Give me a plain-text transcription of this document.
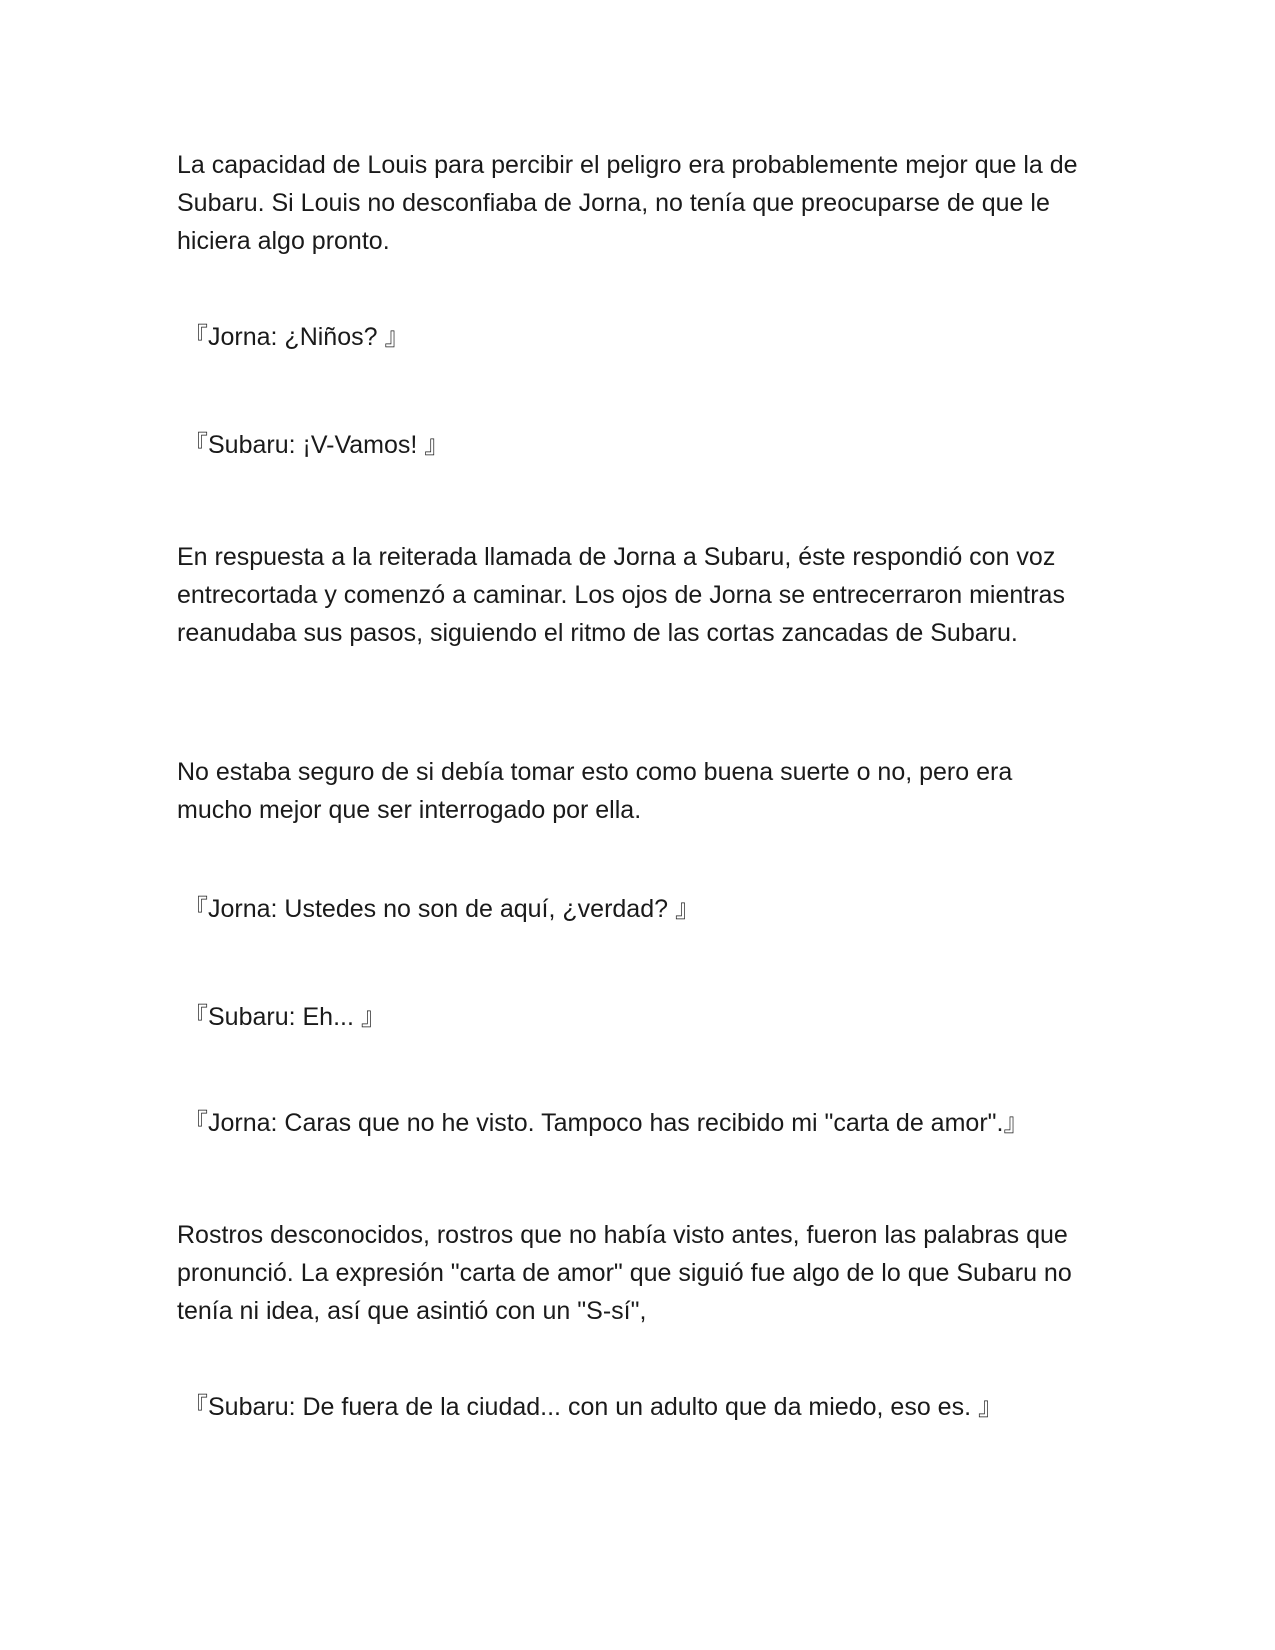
La capacidad de Louis para percibir el peligro era probablemente mejor que la de Subaru. Si Louis no desconfiaba de Jorna, no tenía que preocuparse de que le hiciera algo pronto.

『Jorna: ¿Niños? 』

『Subaru: ¡V-Vamos! 』

En respuesta a la reiterada llamada de Jorna a Subaru, éste respondió con voz entrecortada y comenzó a caminar. Los ojos de Jorna se entrecerraron mientras reanudaba sus pasos, siguiendo el ritmo de las cortas zancadas de Subaru.

No estaba seguro de si debía tomar esto como buena suerte o no, pero era mucho mejor que ser interrogado por ella.

『Jorna: Ustedes no son de aquí, ¿verdad? 』

『Subaru: Eh... 』

『Jorna: Caras que no he visto. Tampoco has recibido mi "carta de amor".』

Rostros desconocidos, rostros que no había visto antes, fueron las palabras que pronunció. La expresión "carta de amor" que siguió fue algo de lo que Subaru no tenía ni idea, así que asintió con un "S-sí",

『Subaru: De fuera de la ciudad... con un adulto que da miedo, eso es. 』
